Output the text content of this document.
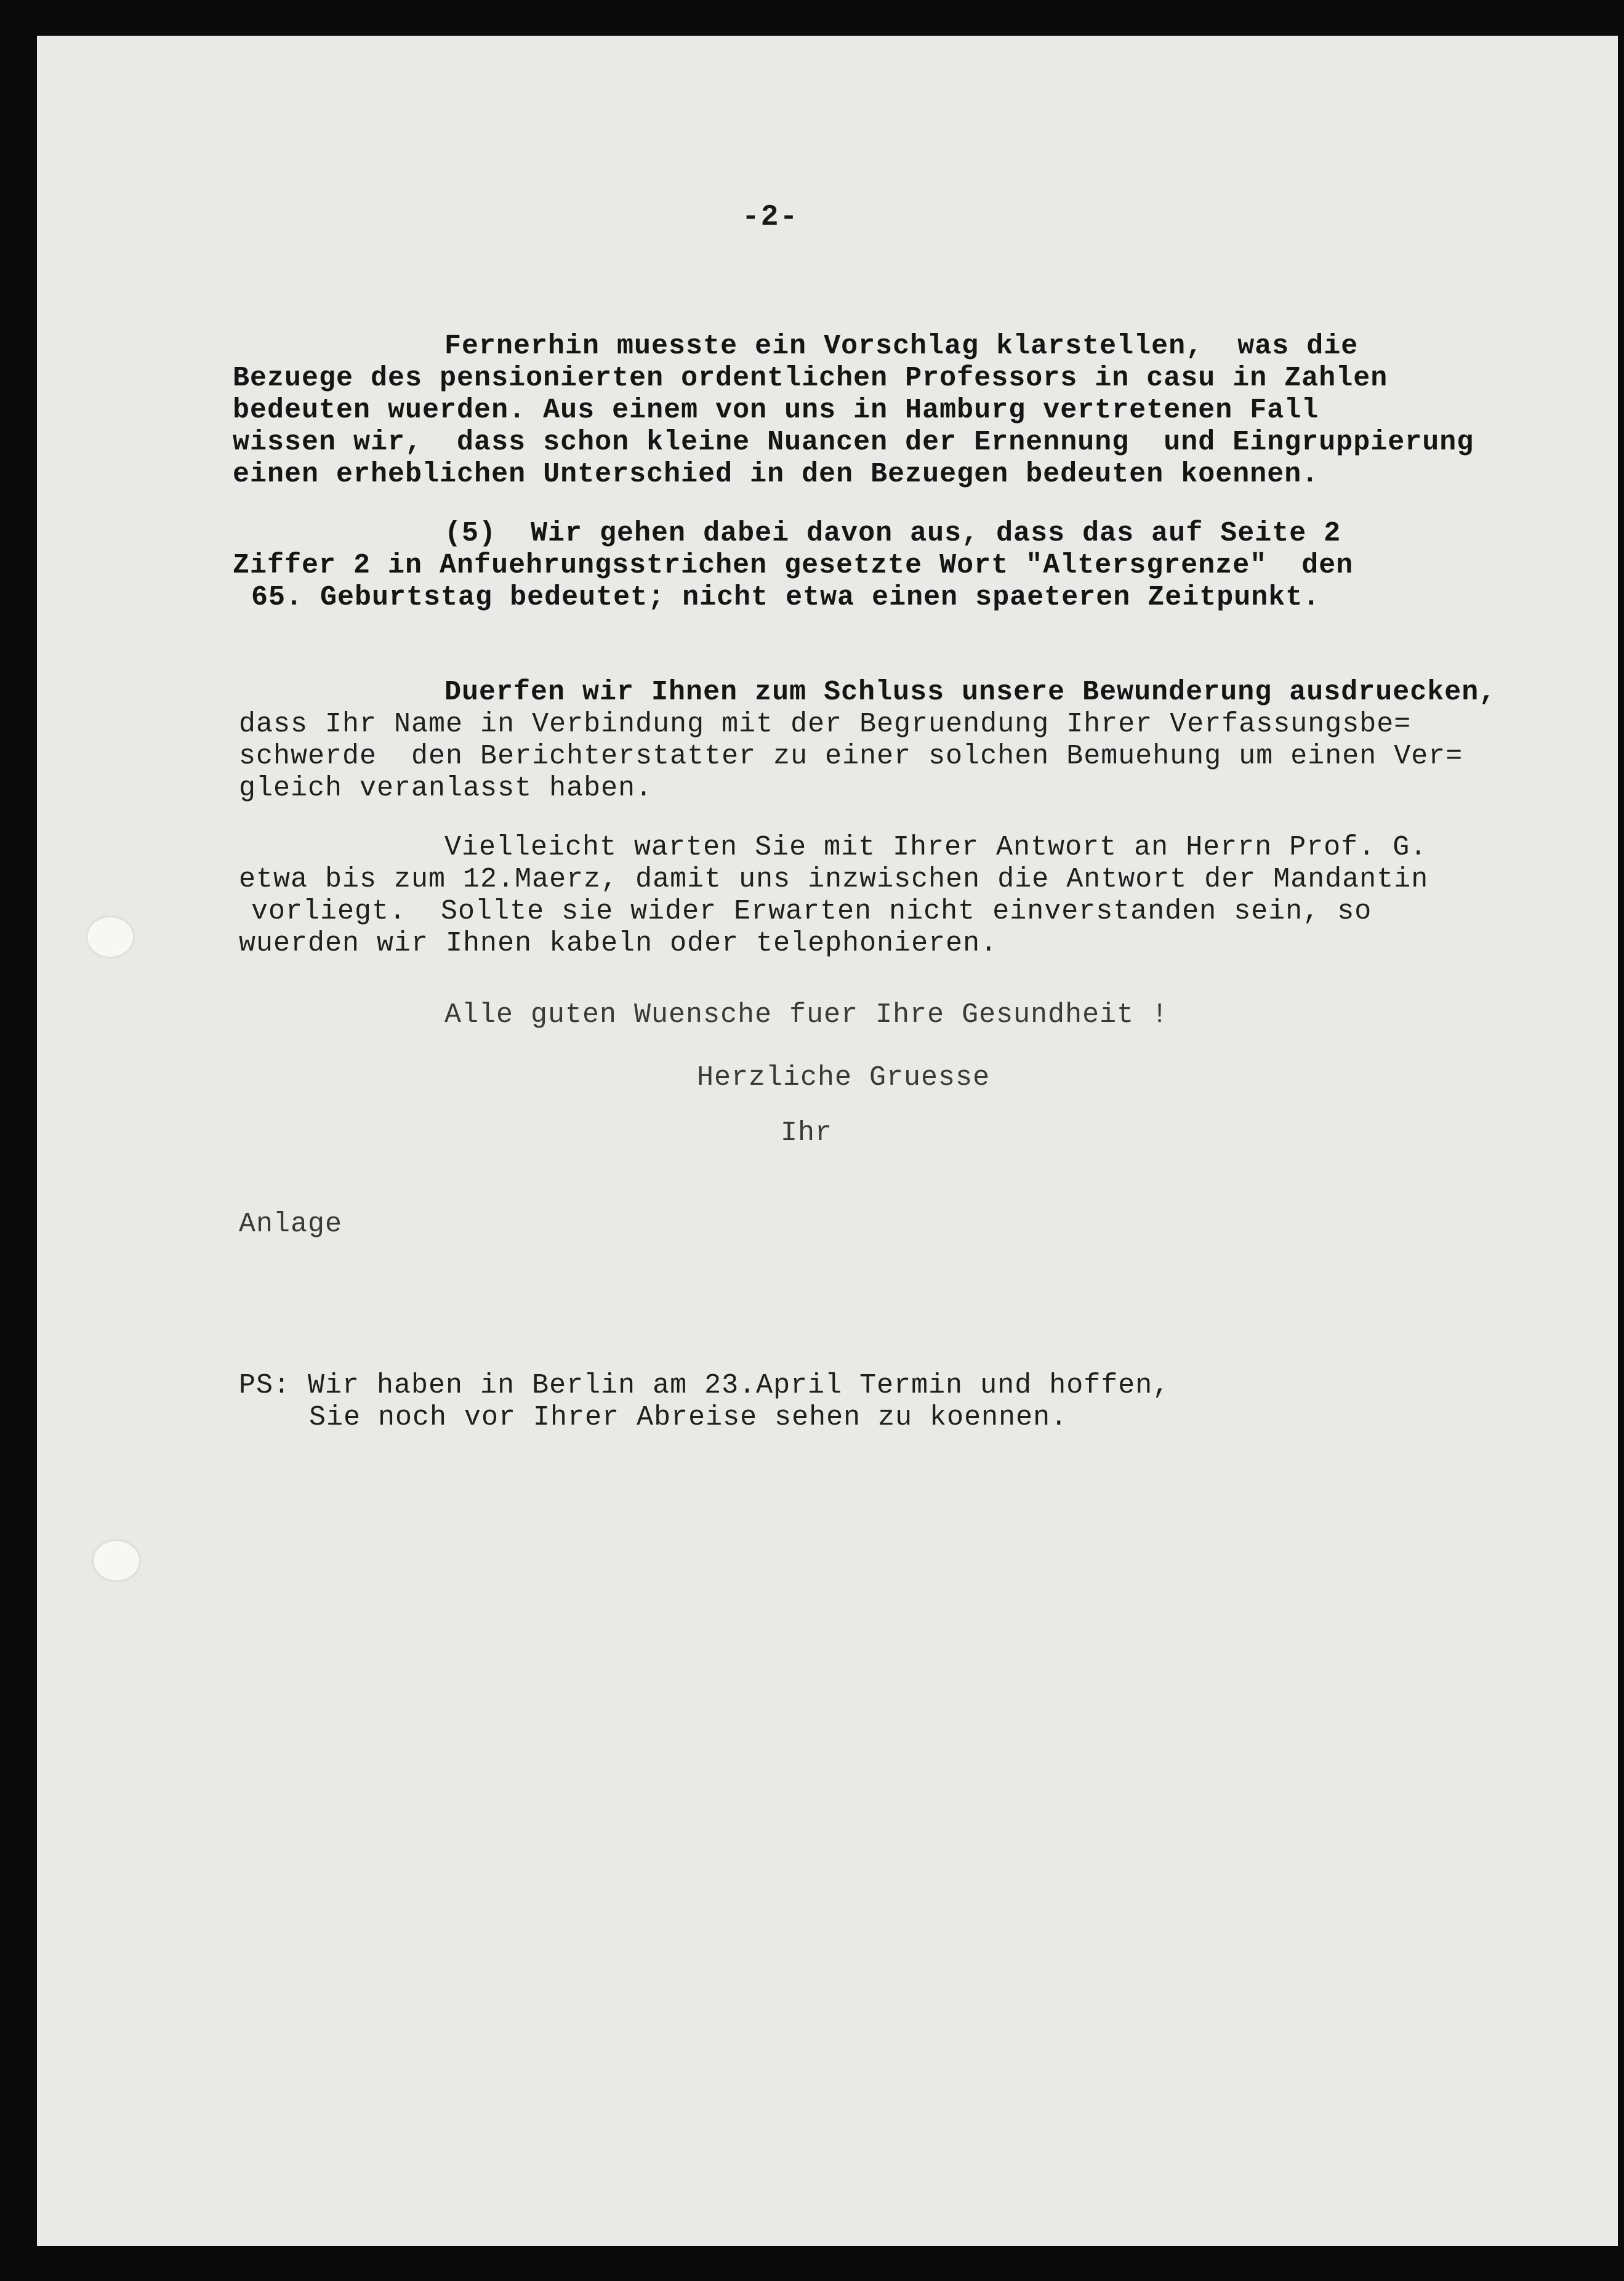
-2-
Fernerhin muesste ein Vorschlag klarstellen,  was die
Bezuege des pensionierten ordentlichen Professors in casu in Zahlen
bedeuten wuerden. Aus einem von uns in Hamburg vertretenen Fall
wissen wir,  dass schon kleine Nuancen der Ernennung  und Eingruppierung
einen erheblichen Unterschied in den Bezuegen bedeuten koennen.
(5)  Wir gehen dabei davon aus, dass das auf Seite 2
Ziffer 2 in Anfuehrungsstrichen gesetzte Wort "Altersgrenze"  den
65. Geburtstag bedeutet; nicht etwa einen spaeteren Zeitpunkt.
Duerfen wir Ihnen zum Schluss unsere Bewunderung ausdruecken,
dass Ihr Name in Verbindung mit der Begruendung Ihrer Verfassungsbe=
schwerde  den Berichterstatter zu einer solchen Bemuehung um einen Ver=
gleich veranlasst haben.
Vielleicht warten Sie mit Ihrer Antwort an Herrn Prof. G.
etwa bis zum 12.Maerz, damit uns inzwischen die Antwort der Mandantin
vorliegt.  Sollte sie wider Erwarten nicht einverstanden sein, so
wuerden wir Ihnen kabeln oder telephonieren.
Alle guten Wuensche fuer Ihre Gesundheit !
Herzliche Gruesse
Ihr
Anlage
PS: Wir haben in Berlin am 23.April Termin und hoffen,
Sie noch vor Ihrer Abreise sehen zu koennen.
